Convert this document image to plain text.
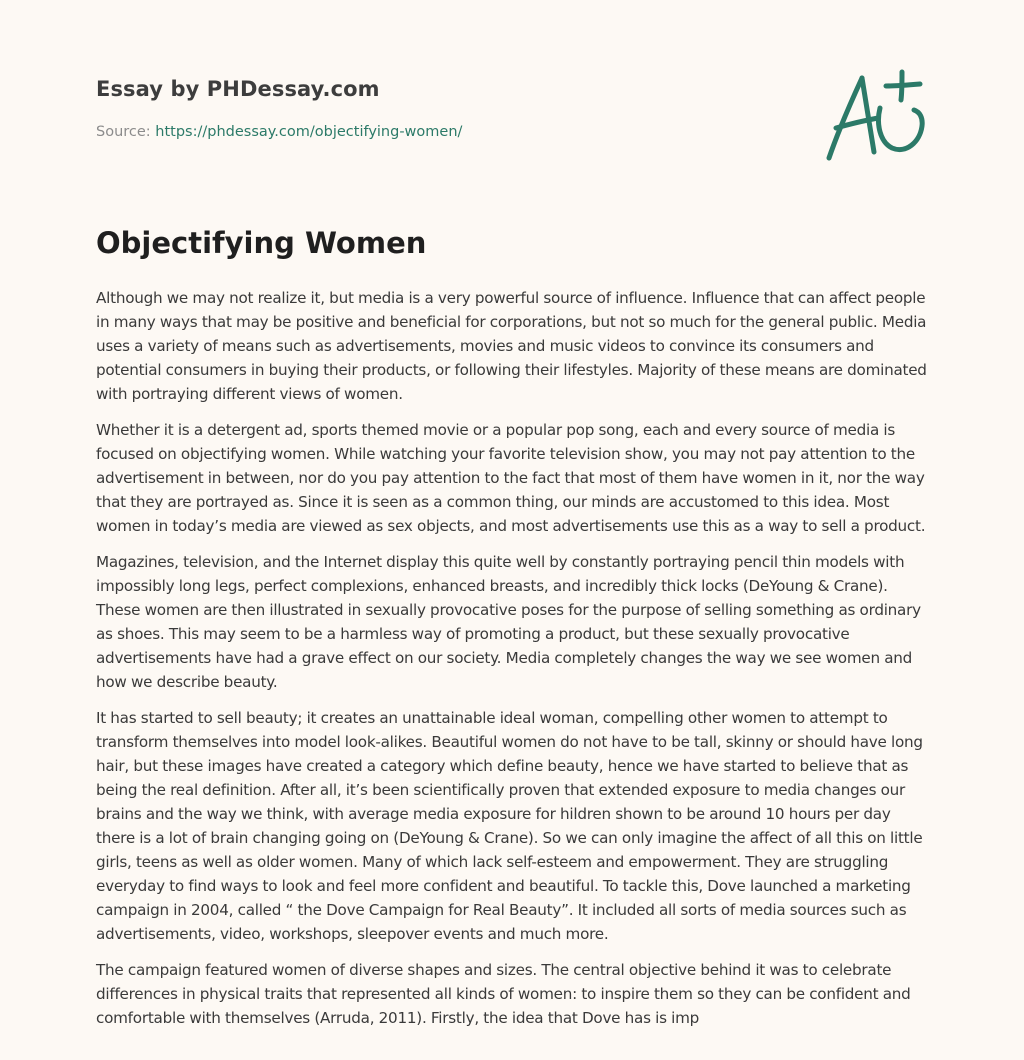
Essay by PHDessay.com

Source: https://phdessay.com/objectifying-women/

Objectifying Women

Although we may not realize it, but media is a very powerful source of influence. Influence that can affect people in many ways that may be positive and beneficial for corporations, but not so much for the general public. Media uses a variety of means such as advertisements, movies and music videos to convince its consumers and potential consumers in buying their products, or following their lifestyles. Majority of these means are dominated with portraying different views of women.

Whether it is a detergent ad, sports themed movie or a popular pop song, each and every source of media is focused on objectifying women. While watching your favorite television show, you may not pay attention to the advertisement in between, nor do you pay attention to the fact that most of them have women in it, nor the way that they are portrayed as. Since it is seen as a common thing, our minds are accustomed to this idea. Most women in today’s media are viewed as sex objects, and most advertisements use this as a way to sell a product.

Magazines, television, and the Internet display this quite well by constantly portraying pencil thin models with impossibly long legs, perfect complexions, enhanced breasts, and incredibly thick locks (DeYoung & Crane). These women are then illustrated in sexually provocative poses for the purpose of selling something as ordinary as shoes. This may seem to be a harmless way of promoting a product, but these sexually provocative advertisements have had a grave effect on our society. Media completely changes the way we see women and how we describe beauty.

It has started to sell beauty; it creates an unattainable ideal woman, compelling other women to attempt to transform themselves into model look-alikes. Beautiful women do not have to be tall, skinny or should have long hair, but these images have created a category which define beauty, hence we have started to believe that as being the real definition. After all, it’s been scientifically proven that extended exposure to media changes our brains and the way we think, with average media exposure for hildren shown to be around 10 hours per day there is a lot of brain changing going on (DeYoung & Crane). So we can only imagine the affect of all this on little girls, teens as well as older women. Many of which lack self-esteem and empowerment. They are struggling everyday to find ways to look and feel more confident and beautiful. To tackle this, Dove launched a marketing campaign in 2004, called “ the Dove Campaign for Real Beauty”. It included all sorts of media sources such as advertisements, video, workshops, sleepover events and much more.

The campaign featured women of diverse shapes and sizes. The central objective behind it was to celebrate differences in physical traits that represented all kinds of women: to inspire them so they can be confident and comfortable with themselves (Arruda, 2011). Firstly, the idea that Dove has is imp
